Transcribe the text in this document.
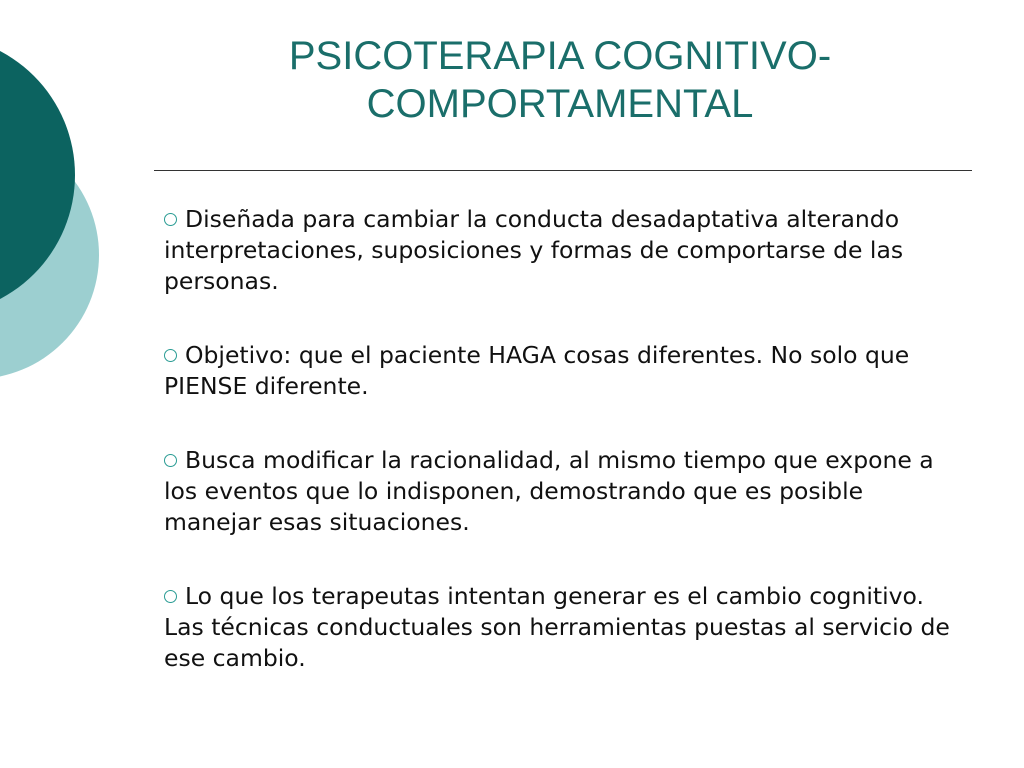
PSICOTERAPIA COGNITIVO-
COMPORTAMENTAL
Diseñada para cambiar la conducta desadaptativa alterando interpretaciones, suposiciones y formas de comportarse de las personas.
Objetivo: que el paciente HAGA cosas diferentes. No solo que PIENSE diferente.
Busca modificar la racionalidad, al mismo tiempo que expone a los eventos que lo indisponen, demostrando que es posible manejar esas situaciones.
Lo que los terapeutas intentan generar es el cambio cognitivo. Las técnicas conductuales son herramientas puestas al servicio de ese cambio.
